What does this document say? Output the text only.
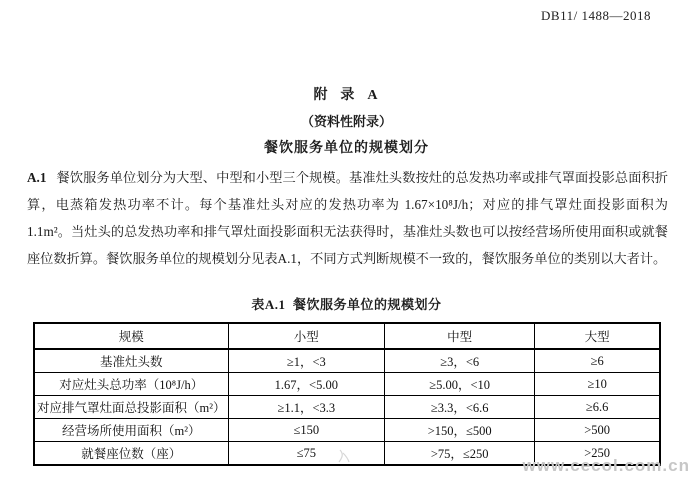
DB11/ 1488—2018
附  录  A
（资料性附录）
餐饮服务单位的规模划分

A.1 餐饮服务单位划分为大型、中型和小型三个规模。基准灶头数按灶的总发热功率或排气罩面投影总面积折算，电蒸箱发热功率不计。每个基准灶头对应的发热功率为 1.67×10⁸J/h；对应的排气罩灶面投影面积为 1.1m²。当灶头的总发热功率和排气罩灶面投影面积无法获得时，基准灶头数也可以按经营场所使用面积或就餐座位数折算。餐饮服务单位的规模划分见表A.1，不同方式判断规模不一致的，餐饮服务单位的类别以大者计。

表A.1  餐饮服务单位的规模划分
规模	小型	中型	大型
基准灶头数	≥1，<3	≥3，<6	≥6
对应灶头总功率（10⁸J/h）	1.67，<5.00	≥5.00，<10	≥10
对应排气罩灶面总投影面积（m²）	≥1.1，<3.3	≥3.3，<6.6	≥6.6
经营场所使用面积（m²）	≤150	>150，≤500	>500
就餐座位数（座）	≤75	>75，≤250	>250
www.cecol.com.cn
